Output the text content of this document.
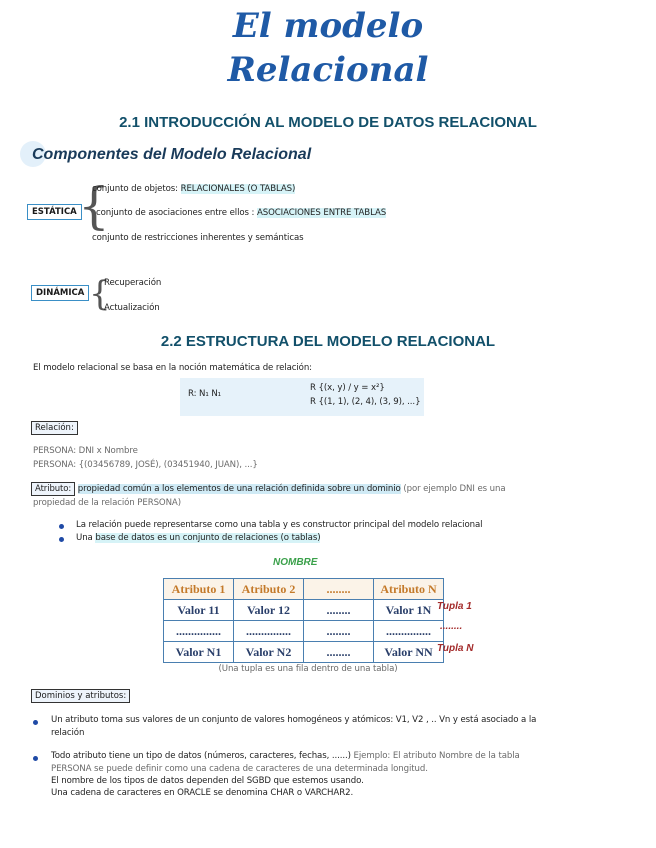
El modelo
Relacional
2.1 INTRODUCCIÓN AL MODELO DE DATOS RELACIONAL
Componentes del Modelo Relacional
ESTÁTICA {
conjunto de objetos: RELACIONALES (O TABLAS)
conjunto de asociaciones entre ellos : ASOCIACIONES ENTRE TABLAS
conjunto de restricciones inherentes y semánticas
DINÁMICA {
Recuperación
Actualización
2.2 ESTRUCTURA DEL MODELO RELACIONAL
El modelo relacional se basa en la noción matemática de relación:
R: N₁ N₁
R {(x, y) / y = x²}
R {(1, 1), (2, 4), (3, 9), ...}
Relación:
PERSONA: DNI x Nombre
PERSONA: {(03456789, JOSÉ), (03451940, JUAN), ...}
Atributo: propiedad común a los elementos de una relación definida sobre un dominio (por ejemplo DNI es una
propiedad de la relación PERSONA)
La relación puede representarse como una tabla y es constructor principal del modelo relacional
Una base de datos es un conjunto de relaciones (o tablas)
NOMBRE
Atributo 1	Atributo 2	........	Atributo N
Valor 11	Valor 12	........	Valor 1N
...............	...............	........	...............
Valor N1	Valor N2	........	Valor NN
Tupla 1
........
Tupla N
(Una tupla es una fila dentro de una tabla)
Dominios y atributos:
Un atributo toma sus valores de un conjunto de valores homogéneos y atómicos: V1, V2 , .. Vn y está asociado a la
relación
Todo atributo tiene un tipo de datos (números, caracteres, fechas, ......) Ejemplo: El atributo Nombre de la tabla
PERSONA se puede definir como una cadena de caracteres de una determinada longitud.
El nombre de los tipos de datos dependen del SGBD que estemos usando.
Una cadena de caracteres en ORACLE se denomina CHAR o VARCHAR2.
